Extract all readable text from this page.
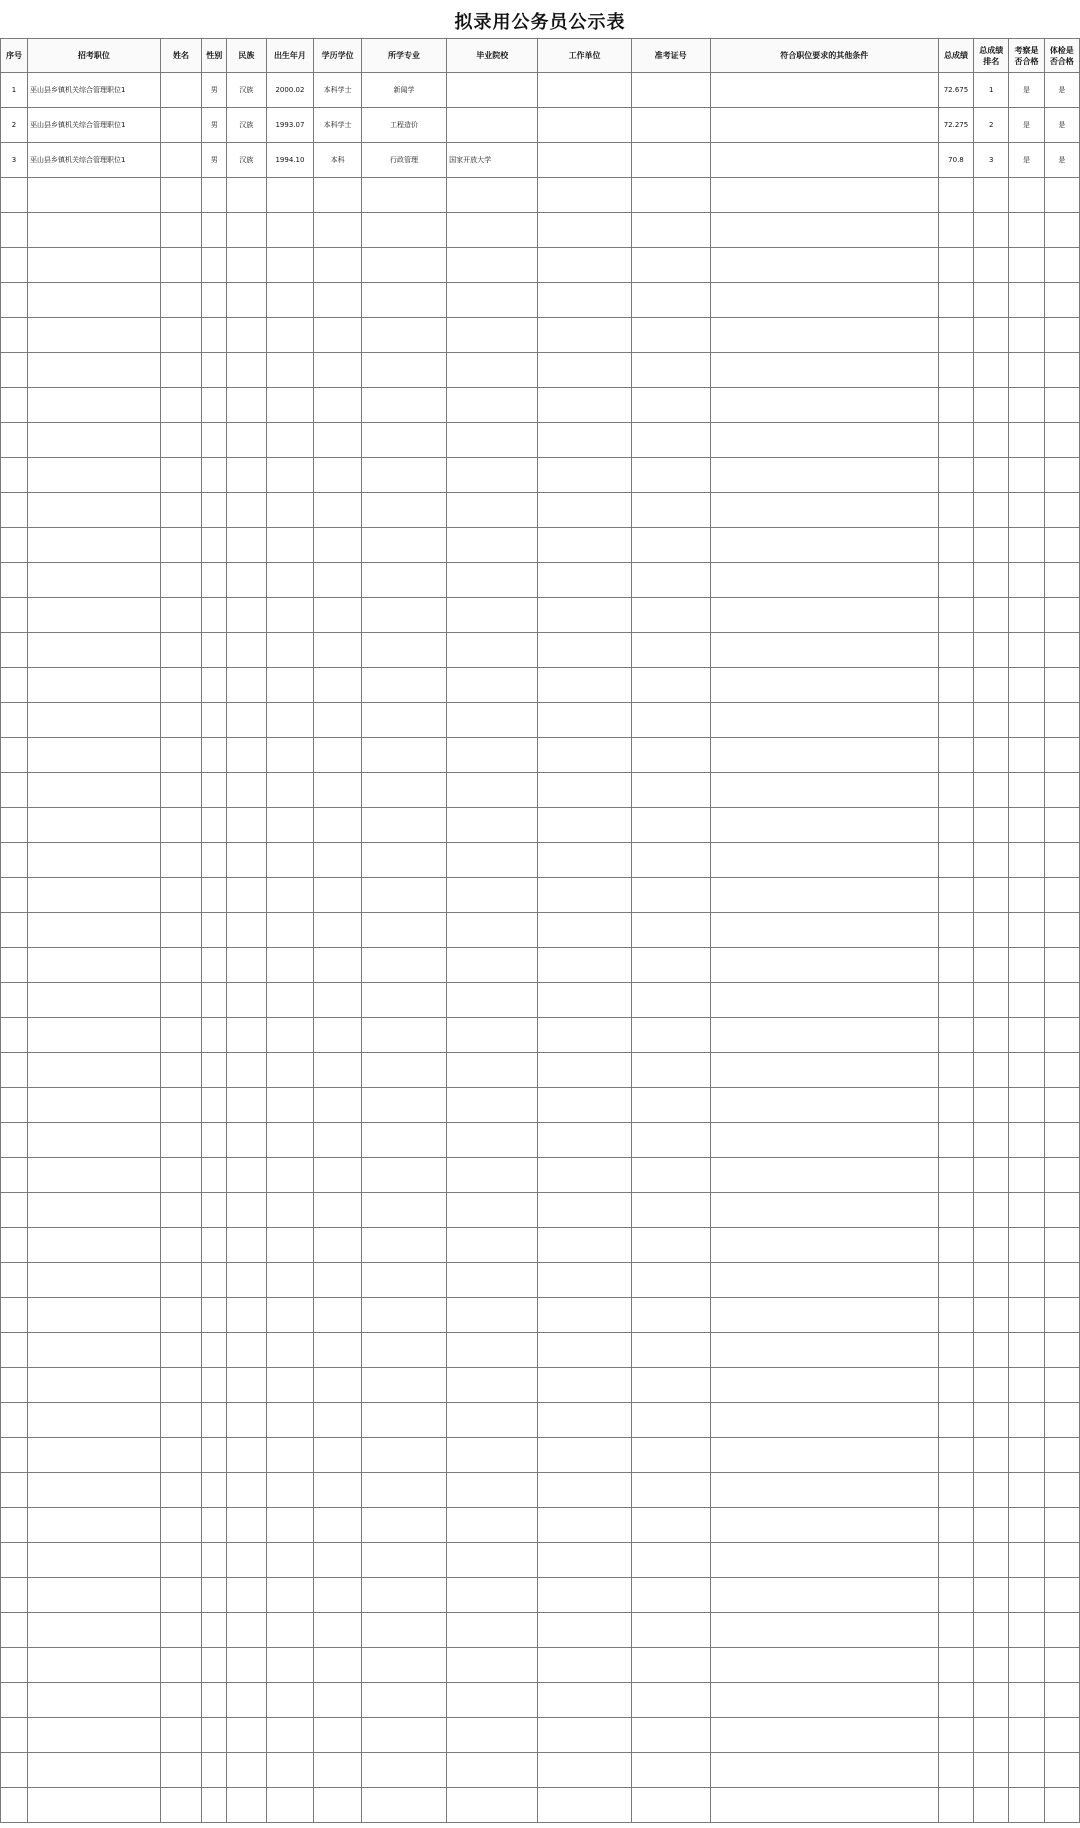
拟录用公务员公示表
序号	招考职位	姓名	性别	民族	出生年月	学历学位	所学专业	毕业院校	工作单位	准考证号	符合职位要求的其他条件	总成绩	总成绩排名	考察是否合格	体检是否合格
1	巫山县乡镇机关综合管理职位1		男	汉族	2000.02	本科学士	新闻学					72.675	1	是	是
2	巫山县乡镇机关综合管理职位1		男	汉族	1993.07	本科学士	工程造价					72.275	2	是	是
3	巫山县乡镇机关综合管理职位1		男	汉族	1994.10	本科	行政管理	国家开放大学				70.8	3	是	是
